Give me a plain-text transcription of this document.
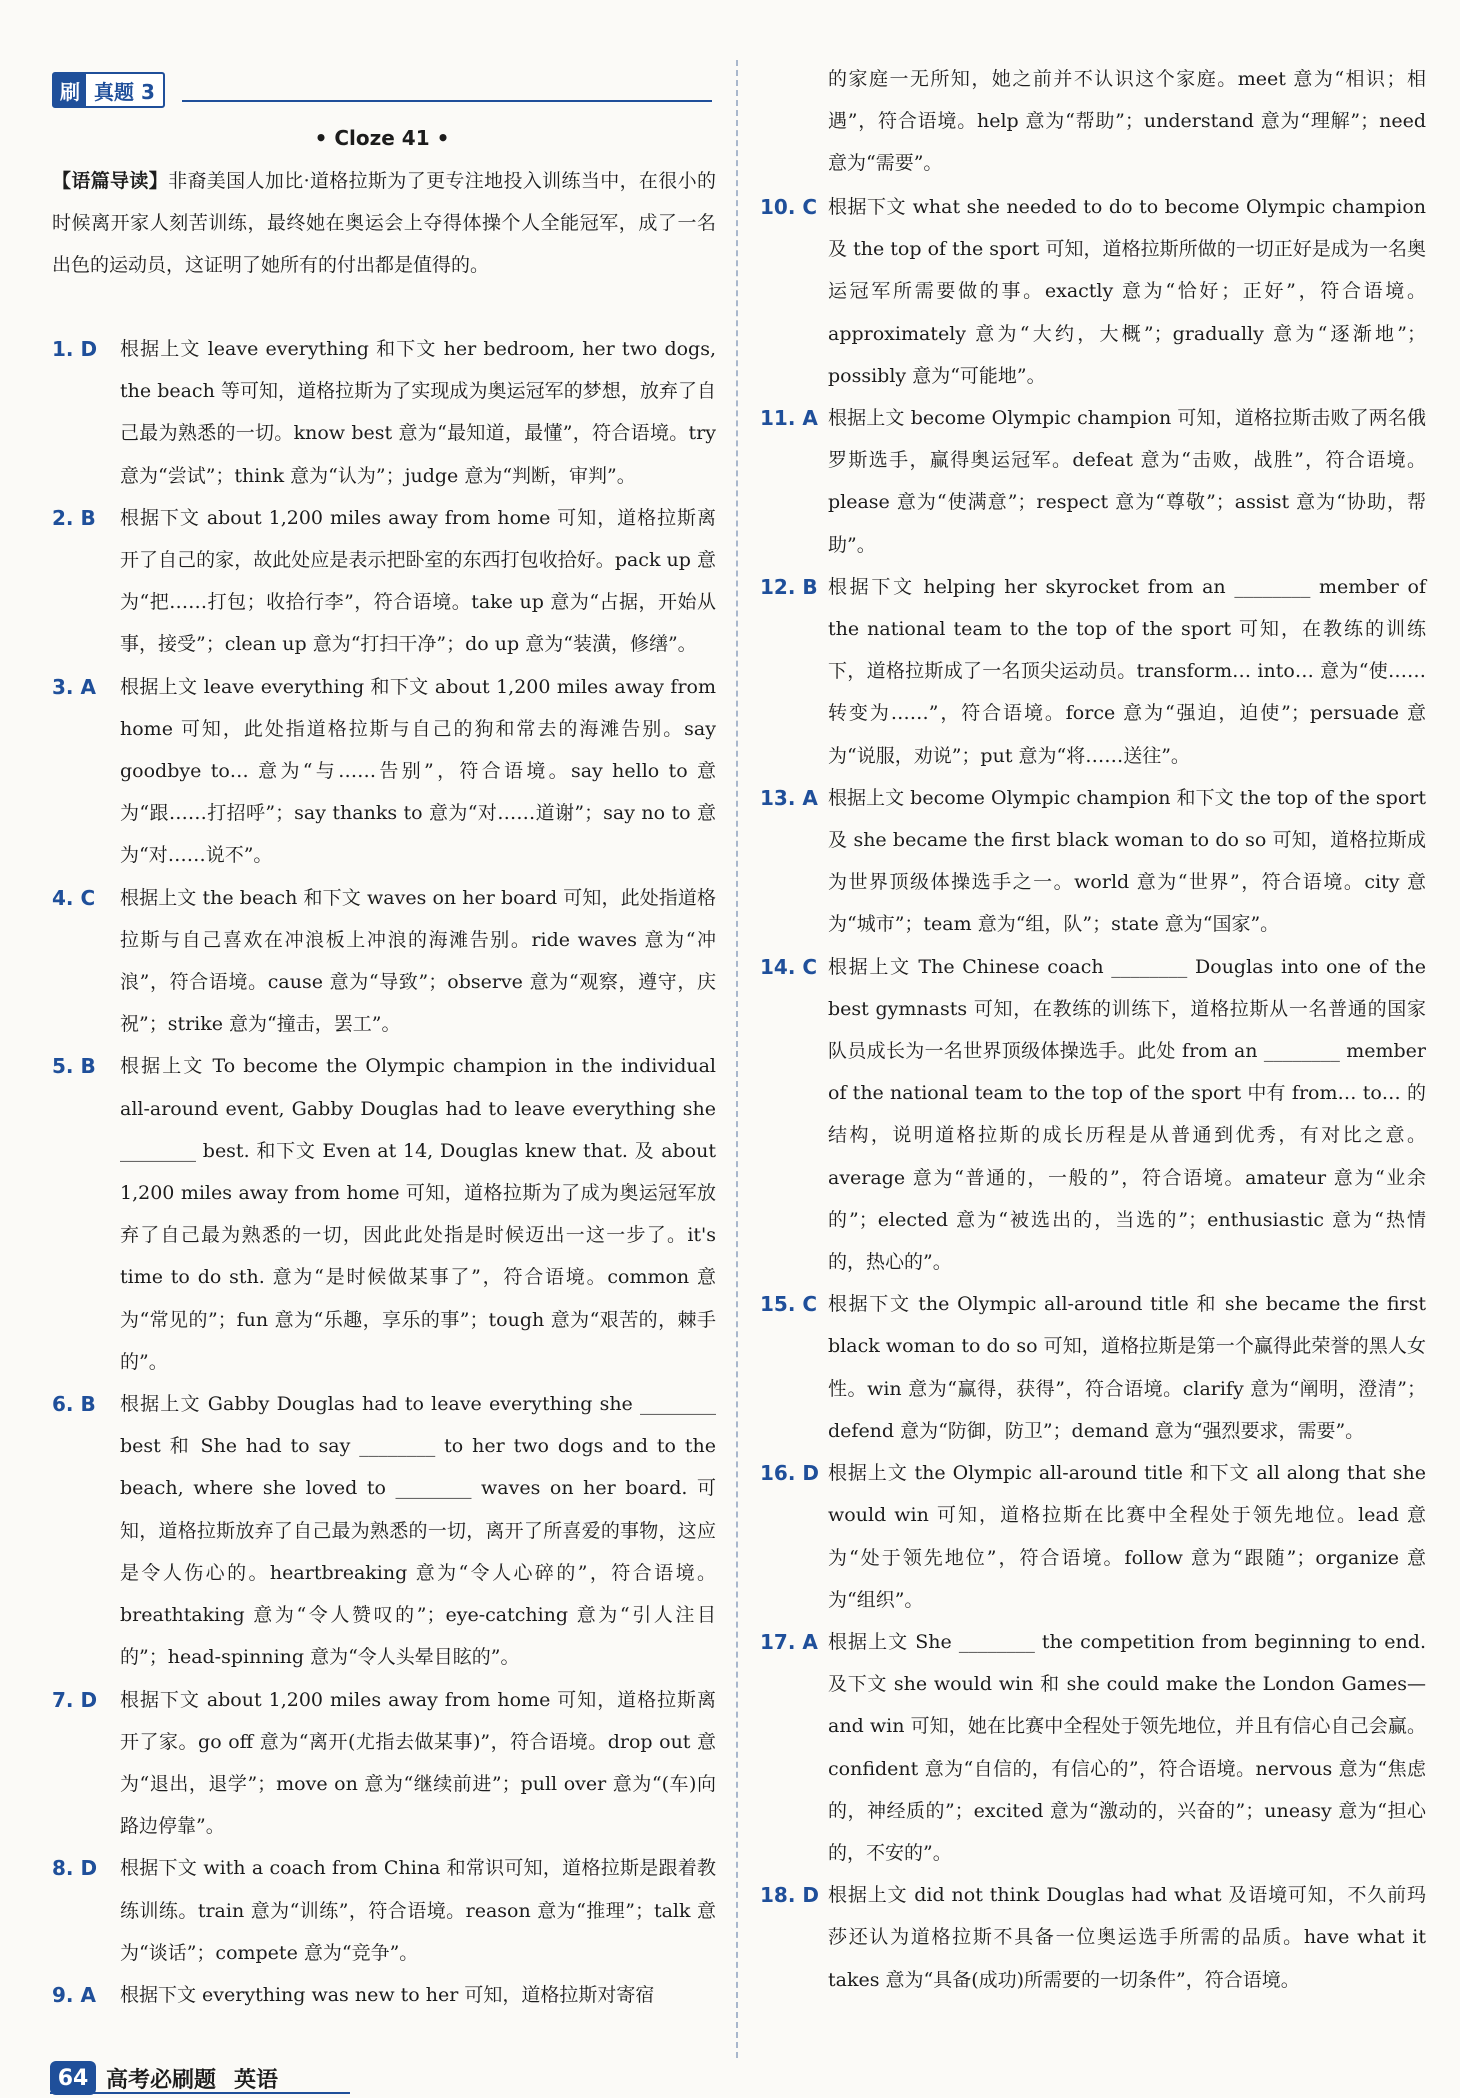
刷 真题 3
• Cloze 41 •
【语篇导读】非裔美国人加比·道格拉斯为了更专注地投入训练当中，在很小的时候离开家人刻苦训练，最终她在奥运会上夺得体操个人全能冠军，成了一名出色的运动员，这证明了她所有的付出都是值得的。
1. D	根据上文 leave everything 和下文 her bedroom, her two dogs, the beach 等可知，道格拉斯为了实现成为奥运冠军的梦想，放弃了自己最为熟悉的一切。know best 意为“最知道，最懂”，符合语境。try 意为“尝试”；think 意为“认为”；judge 意为“判断，审判”。
2. B	根据下文 about 1,200 miles away from home 可知，道格拉斯离开了自己的家，故此处应是表示把卧室的东西打包收拾好。pack up 意为“把……打包；收拾行李”，符合语境。take up 意为“占据，开始从事，接受”；clean up 意为“打扫干净”；do up 意为“装潢，修缮”。
3. A	根据上文 leave everything 和下文 about 1,200 miles away from home 可知，此处指道格拉斯与自己的狗和常去的海滩告别。say goodbye to… 意为“与……告别”，符合语境。say hello to 意为“跟……打招呼”；say thanks to 意为“对……道谢”；say no to 意为“对……说不”。
4. C	根据上文 the beach 和下文 waves on her board 可知，此处指道格拉斯与自己喜欢在冲浪板上冲浪的海滩告别。ride waves 意为“冲浪”，符合语境。cause 意为“导致”；observe 意为“观察，遵守，庆祝”；strike 意为“撞击，罢工”。
5. B	根据上文 To become the Olympic champion in the individual all-around event, Gabby Douglas had to leave everything she ________ best. 和下文 Even at 14, Douglas knew that. 及 about 1,200 miles away from home 可知，道格拉斯为了成为奥运冠军放弃了自己最为熟悉的一切，因此此处指是时候迈出一这一步了。it's time to do sth. 意为“是时候做某事了”，符合语境。common 意为“常见的”；fun 意为“乐趣，享乐的事”；tough 意为“艰苦的，棘手的”。
6. B	根据上文 Gabby Douglas had to leave everything she ________ best 和 She had to say ________ to her two dogs and to the beach, where she loved to ________ waves on her board. 可知，道格拉斯放弃了自己最为熟悉的一切，离开了所喜爱的事物，这应是令人伤心的。heartbreaking 意为“令人心碎的”，符合语境。breathtaking 意为“令人赞叹的”；eye-catching 意为“引人注目的”；head-spinning 意为“令人头晕目眩的”。
7. D	根据下文 about 1,200 miles away from home 可知，道格拉斯离开了家。go off 意为“离开(尤指去做某事)”，符合语境。drop out 意为“退出，退学”；move on 意为“继续前进”；pull over 意为“(车)向路边停靠”。
8. D	根据下文 with a coach from China 和常识可知，道格拉斯是跟着教练训练。train 意为“训练”，符合语境。reason 意为“推理”；talk 意为“谈话”；compete 意为“竞争”。
9. A	根据下文 everything was new to her 可知，道格拉斯对寄宿
的家庭一无所知，她之前并不认识这个家庭。meet 意为“相识；相遇”，符合语境。help 意为“帮助”；understand 意为“理解”；need 意为“需要”。
10. C 根据下文 what she needed to do to become Olympic champion 及 the top of the sport 可知，道格拉斯所做的一切正好是成为一名奥运冠军所需要做的事。exactly 意为“恰好；正好”，符合语境。approximately 意为“大约，大概”；gradually 意为“逐渐地”；possibly 意为“可能地”。
11. A 根据上文 become Olympic champion 可知，道格拉斯击败了两名俄罗斯选手，赢得奥运冠军。defeat 意为“击败，战胜”，符合语境。please 意为“使满意”；respect 意为“尊敬”；assist 意为“协助，帮助”。
12. B 根据下文 helping her skyrocket from an ________ member of the national team to the top of the sport 可知，在教练的训练下，道格拉斯成了一名顶尖运动员。transform… into… 意为“使……转变为……”，符合语境。force 意为“强迫，迫使”；persuade 意为“说服，劝说”；put 意为“将……送往”。
13. A 根据上文 become Olympic champion 和下文 the top of the sport 及 she became the first black woman to do so 可知，道格拉斯成为世界顶级体操选手之一。world 意为“世界”，符合语境。city 意为“城市”；team 意为“组，队”；state 意为“国家”。
14. C 根据上文 The Chinese coach ________ Douglas into one of the best gymnasts 可知，在教练的训练下，道格拉斯从一名普通的国家队员成长为一名世界顶级体操选手。此处 from an ________ member of the national team to the top of the sport 中有 from… to… 的结构，说明道格拉斯的成长历程是从普通到优秀，有对比之意。average 意为“普通的，一般的”，符合语境。amateur 意为“业余的”；elected 意为“被选出的，当选的”；enthusiastic 意为“热情的，热心的”。
15. C 根据下文 the Olympic all-around title 和 she became the first black woman to do so 可知，道格拉斯是第一个赢得此荣誉的黑人女性。win 意为“赢得，获得”，符合语境。clarify 意为“阐明，澄清”；defend 意为“防御，防卫”；demand 意为“强烈要求，需要”。
16. D 根据上文 the Olympic all-around title 和下文 all along that she would win 可知，道格拉斯在比赛中全程处于领先地位。lead 意为“处于领先地位”，符合语境。follow 意为“跟随”；organize 意为“组织”。
17. A 根据上文 She ________ the competition from beginning to end. 及下文 she would win 和 she could make the London Games—and win 可知，她在比赛中全程处于领先地位，并且有信心自己会赢。confident 意为“自信的，有信心的”，符合语境。nervous 意为“焦虑的，神经质的”；excited 意为“激动的，兴奋的”；uneasy 意为“担心的，不安的”。
18. D 根据上文 did not think Douglas had what 及语境可知，不久前玛莎还认为道格拉斯不具备一位奥运选手所需的品质。have what it takes 意为“具备(成功)所需要的一切条件”，符合语境。
64 高考必刷题 英语
